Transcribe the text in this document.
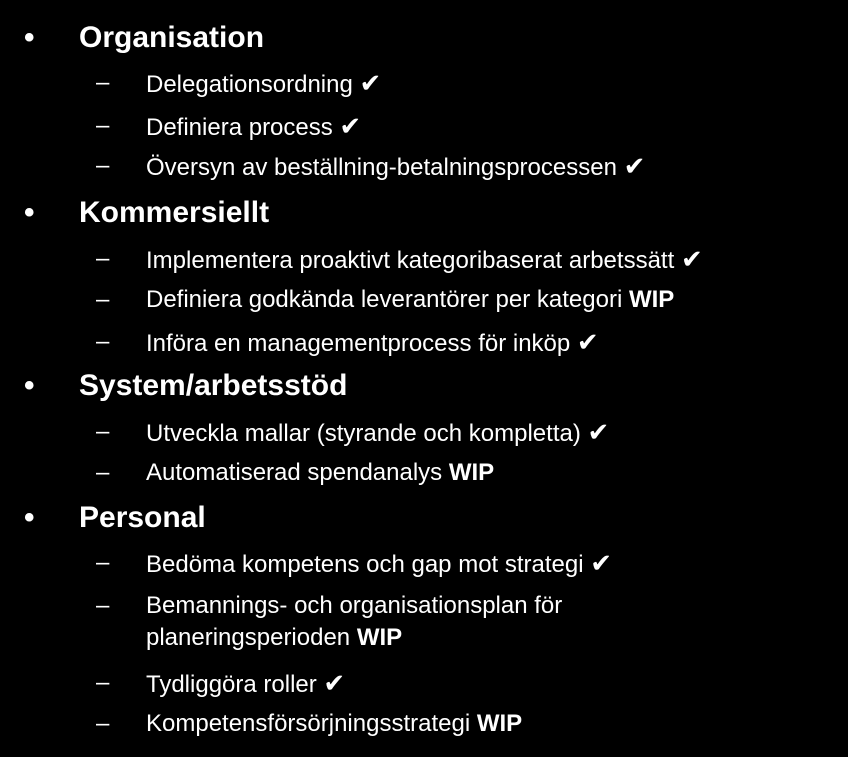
• Organisation
– Delegationsordning ✔
– Definiera process ✔
– Översyn av beställning-betalningsprocessen ✔
• Kommersiellt
– Implementera proaktivt kategoribaserat arbetssätt ✔
– Definiera godkända leverantörer per kategori WIP
– Införa en managementprocess för inköp ✔
• System/arbetsstöd
– Utveckla mallar (styrande och kompletta) ✔
– Automatiserad spendanalys WIP
• Personal
– Bedöma kompetens och gap mot strategi ✔
– Bemannings- och organisationsplan för planeringsperioden WIP
– Tydliggöra roller ✔
– Kompetensförsörjningsstrategi WIP
